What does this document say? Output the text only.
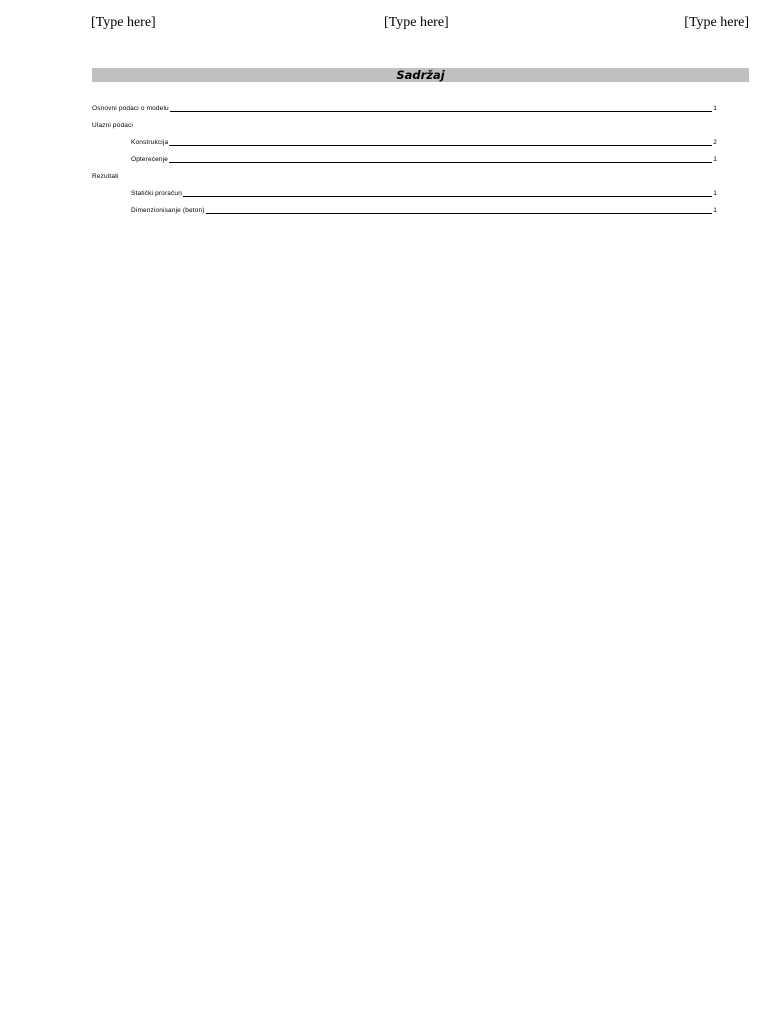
[Type here]	[Type here]	[Type here]
Sadržaj
Osnovni podaci o modelu	1
Ulazni podaci
Konstrukcija	2
Opterećenje	1
Rezultati
Statički proračun	1
Dimenzionisanje (beton)	1
